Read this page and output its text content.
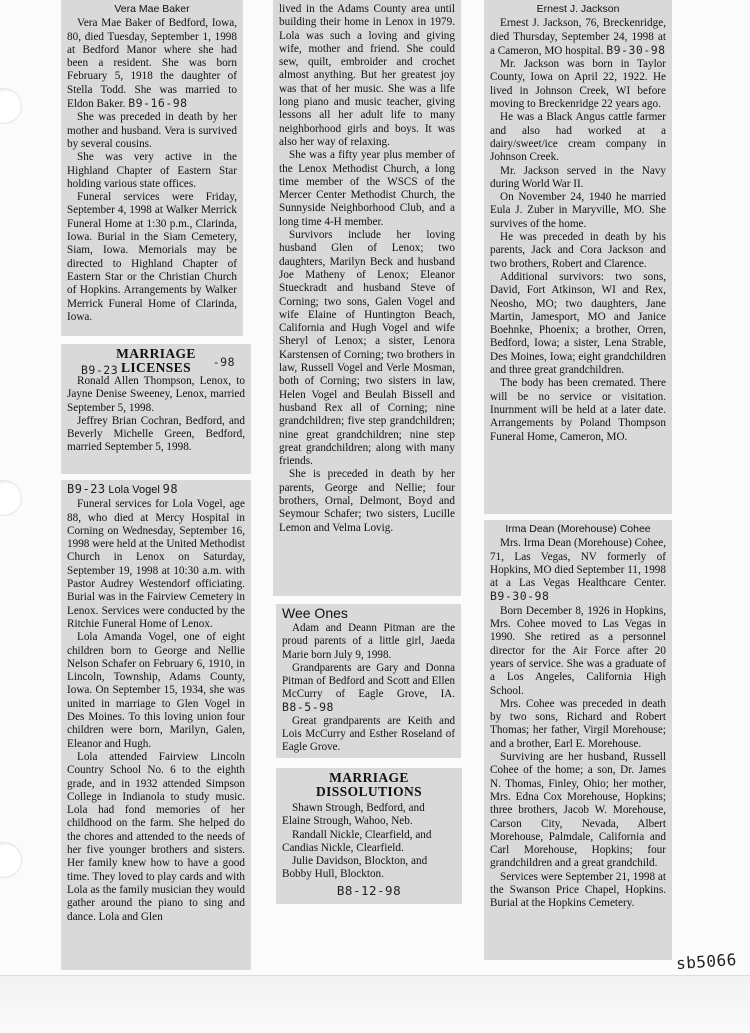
Vera Mae Baker

Vera Mae Baker of Bedford, Iowa, 80, died Tuesday, September 1, 1998 at Bedford Manor where she had been a resident. She was born February 5, 1918 the daughter of Stella Todd. She was married to Eldon Baker. B9-16-98

She was preceded in death by her mother and husband. Vera is survived by several cousins.

She was very active in the Highland Chapter of Eastern Star holding various state offices.

Funeral services were Friday, September 4, 1998 at Walker Merrick Funeral Home at 1:30 p.m., Clarinda, Iowa. Burial in the Siam Cemetery, Siam, Iowa. Memorials may be directed to Highland Chapter of Eastern Star or the Christian Church of Hopkins. Arrangements by Walker Merrick Funeral Home of Clarinda, Iowa.

MARRIAGE

B9-23 LICENSES -98

Ronald Allen Thompson, Lenox, to Jayne Denise Sweeney, Lenox, married September 5, 1998.

Jeffrey Brian Cochran, Bedford, and Beverly Michelle Green, Bedford, married September 5, 1998.

B9-23 Lola Vogel 98

Funeral services for Lola Vogel, age 88, who died at Mercy Hospital in Corning on Wednesday, September 16, 1998 were held at the United Methodist Church in Lenox on Saturday, September 19, 1998 at 10:30 a.m. with Pastor Audrey Westendorf officiating. Burial was in the Fairview Cemetery in Lenox. Services were conducted by the Ritchie Funeral Home of Lenox.

Lola Amanda Vogel, one of eight children born to George and Nellie Nelson Schafer on February 6, 1910, in Lincoln, Township, Adams County, Iowa. On September 15, 1934, she was united in marriage to Glen Vogel in Des Moines. To this loving union four children were born, Marilyn, Galen, Eleanor and Hugh.

Lola attended Fairview Lincoln Country School No. 6 to the eighth grade, and in 1932 attended Simpson College in Indianola to study music. Lola had fond memories of her childhood on the farm. She helped do the chores and attended to the needs of her five younger brothers and sisters. Her family knew how to have a good time. They loved to play cards and with Lola as the family musician they would gather around the piano to sing and dance. Lola and Glen

lived in the Adams County area until building their home in Lenox in 1979. Lola was such a loving and giving wife, mother and friend. She could sew, quilt, embroider and crochet almost anything. But her greatest joy was that of her music. She was a life long piano and music teacher, giving lessons all her adult life to many neighborhood girls and boys. It was also her way of relaxing.

She was a fifty year plus member of the Lenox Methodist Church, a long time member of the WSCS of the Mercer Center Methodist Church, the Sunnyside Neighborhood Club, and a long time 4-H member.

Survivors include her loving husband Glen of Lenox; two daughters, Marilyn Beck and husband Joe Matheny of Lenox; Eleanor Stueckradt and husband Steve of Corning; two sons, Galen Vogel and wife Elaine of Huntington Beach, California and Hugh Vogel and wife Sheryl of Lenox; a sister, Lenora Karstensen of Corning; two brothers in law, Russell Vogel and Verle Mosman, both of Corning; two sisters in law, Helen Vogel and Beulah Bissell and husband Rex all of Corning; nine grandchildren; five step grandchildren; nine great grandchildren; nine step great grandchildren; along with many friends.

She is preceded in death by her parents, George and Nellie; four brothers, Ornal, Delmont, Boyd and Seymour Schafer; two sisters, Lucille Lemon and Velma Lovig.

Wee Ones

Adam and Deann Pitman are the proud parents of a little girl, Jaeda Marie born July 9, 1998.

Grandparents are Gary and Donna Pitman of Bedford and Scott and Ellen McCurry of Eagle Grove, IA. B8-5-98

Great grandparents are Keith and Lois McCurry and Esther Roseland of Eagle Grove.

MARRIAGE

DISSOLUTIONS

Shawn Strough, Bedford, and Elaine Strough, Wahoo, Neb.

Randall Nickle, Clearfield, and Candias Nickle, Clearfield.

Julie Davidson, Blockton, and Bobby Hull, Blockton.

B8-12-98

Ernest J. Jackson

Ernest J. Jackson, 76, Breckenridge, died Thursday, September 24, 1998 at a Cameron, MO hospital. B9-30-98

Mr. Jackson was born in Taylor County, Iowa on April 22, 1922. He lived in Johnson Creek, WI before moving to Breckenridge 22 years ago.

He was a Black Angus cattle farmer and also had worked at a dairy/sweet/ice cream company in Johnson Creek.

Mr. Jackson served in the Navy during World War II.

On November 24, 1940 he married Eula J. Zuber in Maryville, MO. She survives of the home.

He was preceded in death by his parents, Jack and Cora Jackson and two brothers, Robert and Clarence.

Additional survivors: two sons, David, Fort Atkinson, WI and Rex, Neosho, MO; two daughters, Jane Martin, Jamesport, MO and Janice Boehnke, Phoenix; a brother, Orren, Bedford, Iowa; a sister, Lena Strable, Des Moines, Iowa; eight grandchildren and three great grandchildren.

The body has been cremated. There will be no service or visitation. Inurnment will be held at a later date. Arrangements by Poland Thompson Funeral Home, Cameron, MO.

Irma Dean (Morehouse) Cohee

Mrs. Irma Dean (Morehouse) Cohee, 71, Las Vegas, NV formerly of Hopkins, MO died September 11, 1998 at a Las Vegas Healthcare Center. B9-30-98

Born December 8, 1926 in Hopkins, Mrs. Cohee moved to Las Vegas in 1990. She retired as a personnel director for the Air Force after 20 years of service. She was a graduate of a Los Angeles, California High School.

Mrs. Cohee was preceded in death by two sons, Richard and Robert Thomas; her father, Virgil Morehouse; and a brother, Earl E. Morehouse.

Surviving are her husband, Russell Cohee of the home; a son, Dr. James N. Thomas, Finley, Ohio; her mother, Mrs. Edna Cox Morehouse, Hopkins; three brothers, Jacob W. Morehouse, Carson City, Nevada, Albert Morehouse, Palmdale, California and Carl Morehouse, Hopkins; four grandchildren and a great grandchild.

Services were September 21, 1998 at the Swanson Price Chapel, Hopkins. Burial at the Hopkins Cemetery.

sb5066
